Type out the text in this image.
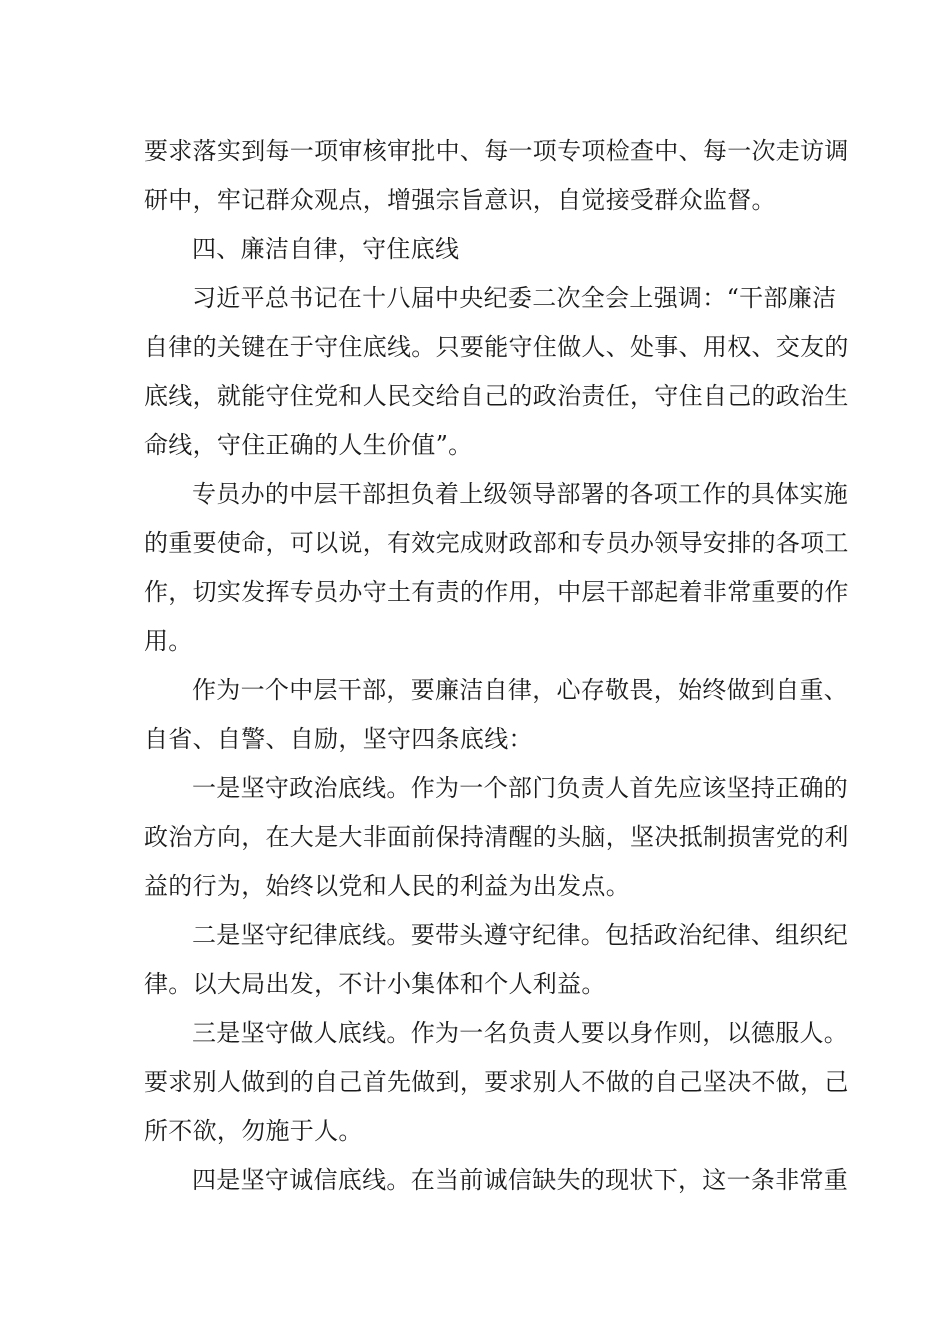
要求落实到每一项审核审批中、每一项专项检查中、每一次走访调
研中，牢记群众观点，增强宗旨意识，自觉接受群众监督。
四、廉洁自律，守住底线
习近平总书记在十八届中央纪委二次全会上强调：“干部廉洁
自律的关键在于守住底线。只要能守住做人、处事、用权、交友的
底线，就能守住党和人民交给自己的政治责任，守住自己的政治生
命线，守住正确的人生价值”。
专员办的中层干部担负着上级领导部署的各项工作的具体实施
的重要使命，可以说，有效完成财政部和专员办领导安排的各项工
作，切实发挥专员办守土有责的作用，中层干部起着非常重要的作
用。
作为一个中层干部，要廉洁自律，心存敬畏，始终做到自重、
自省、自警、自励，坚守四条底线：
一是坚守政治底线。作为一个部门负责人首先应该坚持正确的
政治方向，在大是大非面前保持清醒的头脑，坚决抵制损害党的利
益的行为，始终以党和人民的利益为出发点。
二是坚守纪律底线。要带头遵守纪律。包括政治纪律、组织纪
律。以大局出发，不计小集体和个人利益。
三是坚守做人底线。作为一名负责人要以身作则，以德服人。
要求别人做到的自己首先做到，要求别人不做的自己坚决不做，己
所不欲，勿施于人。
四是坚守诚信底线。在当前诚信缺失的现状下，这一条非常重
